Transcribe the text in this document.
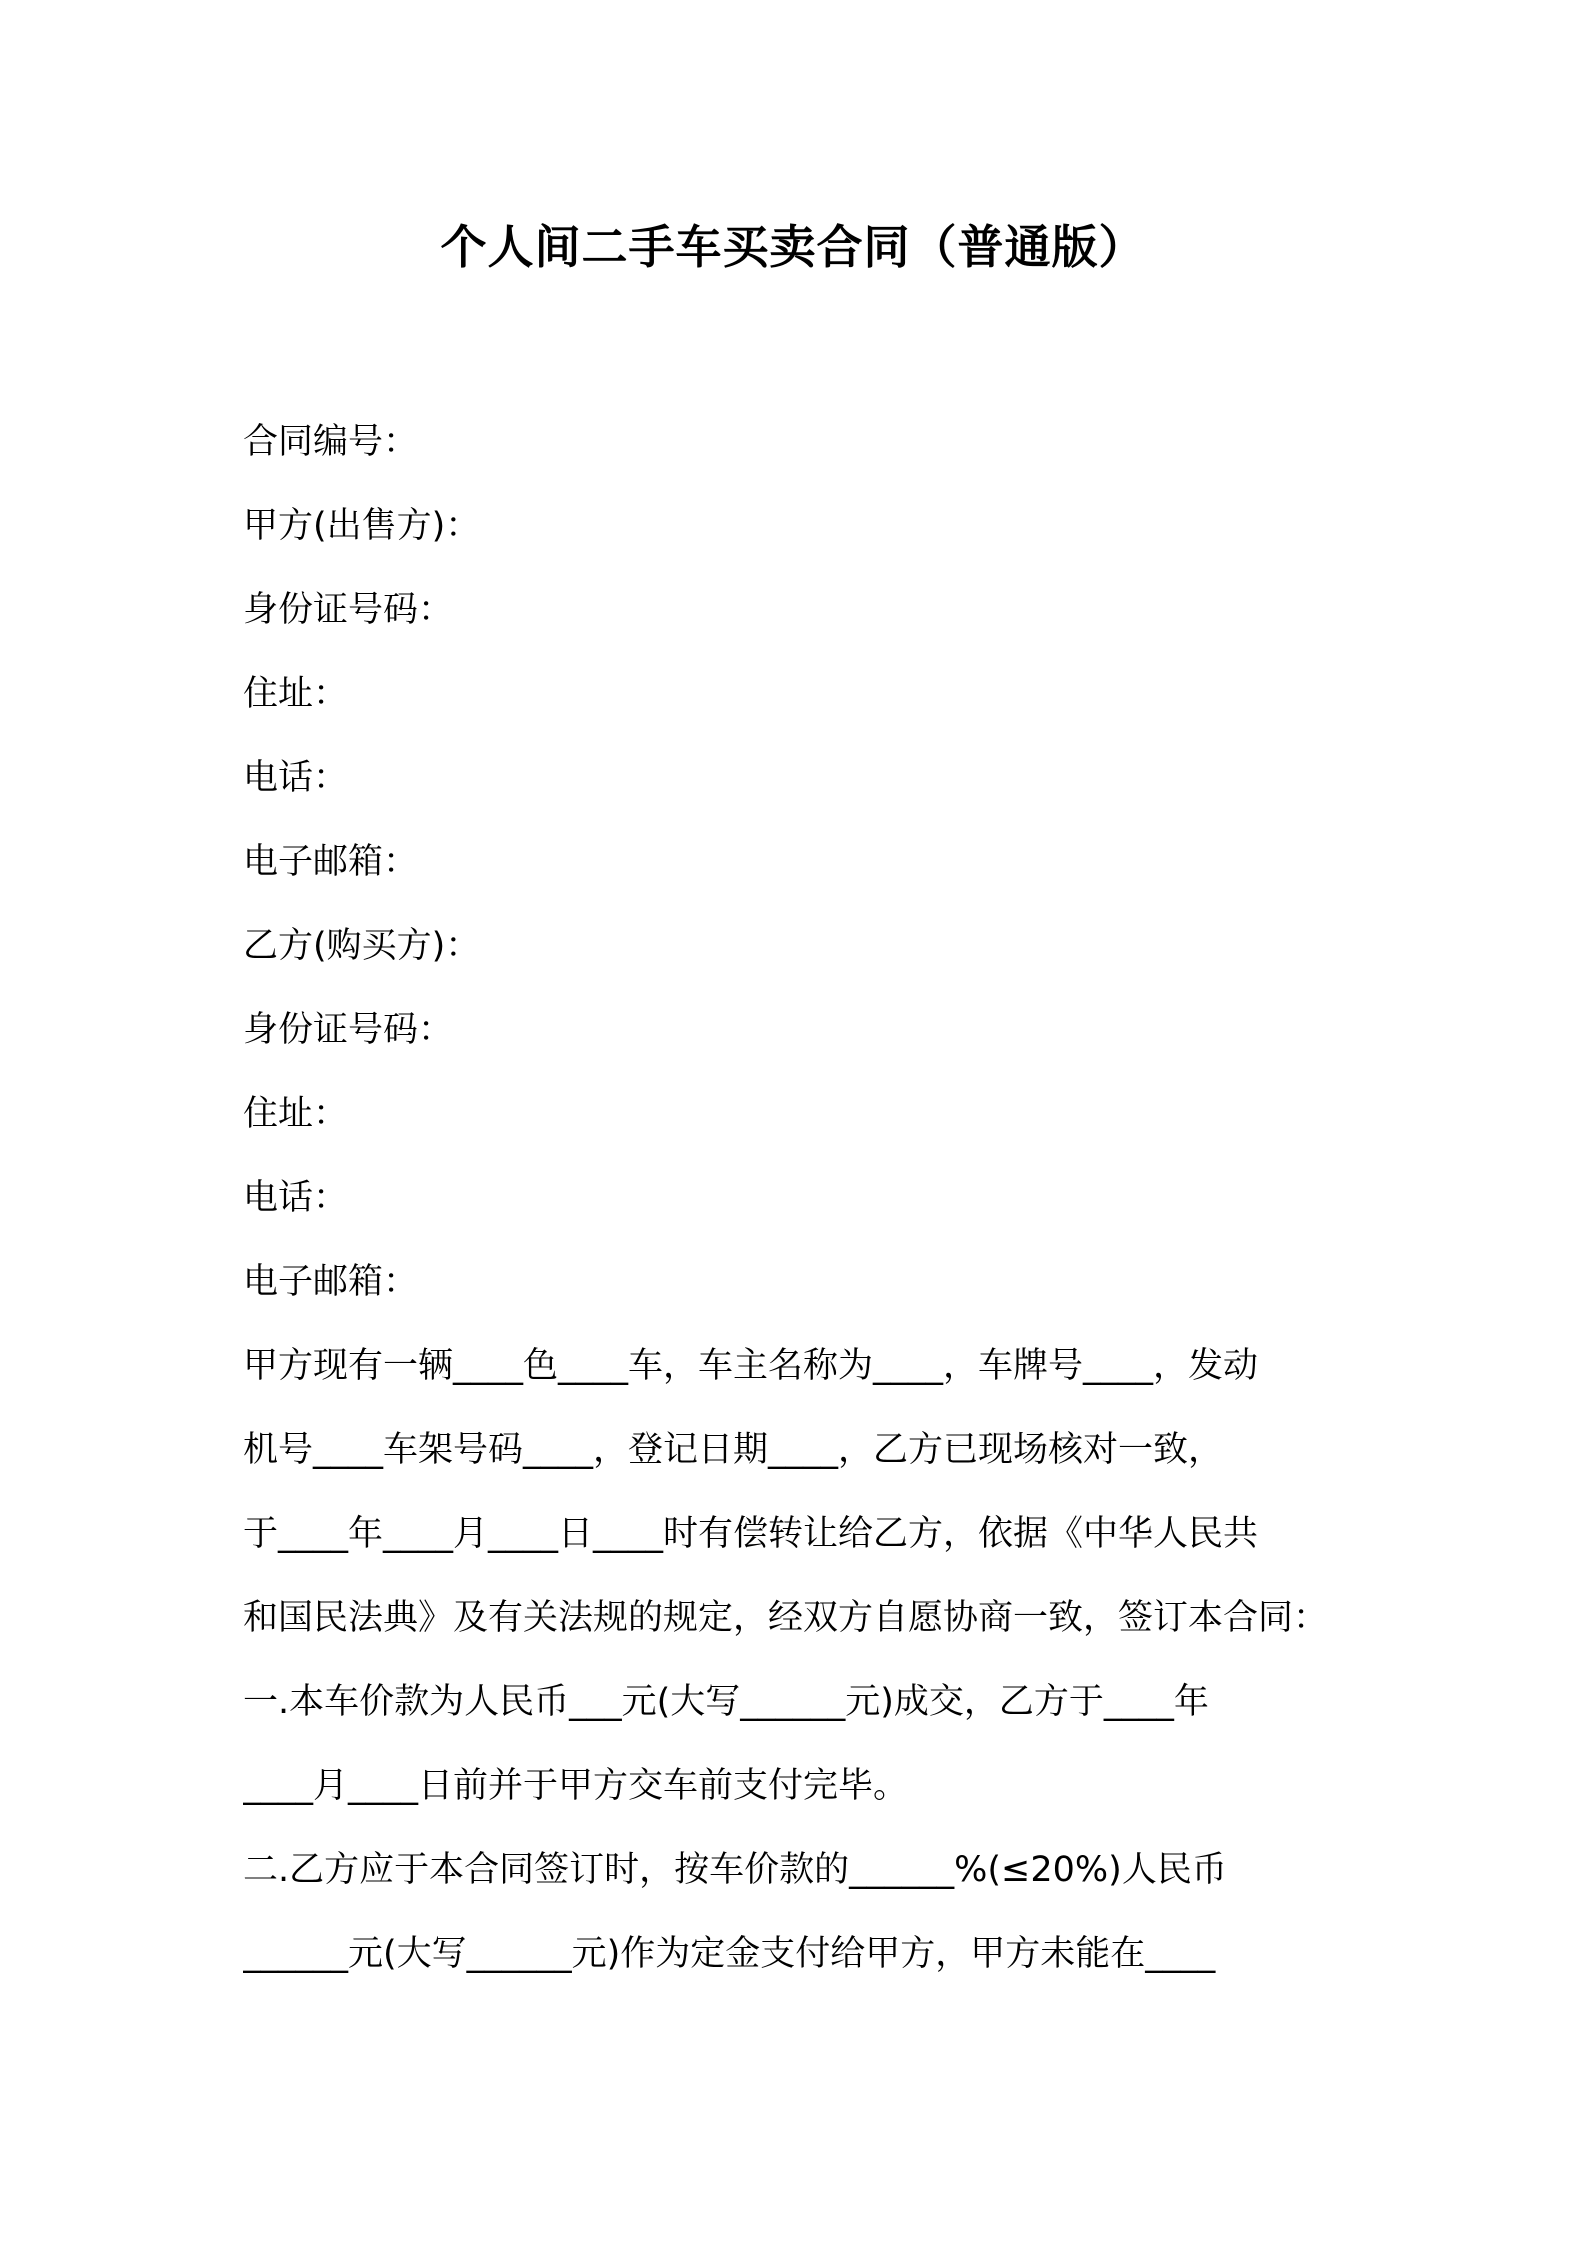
个人间二手车买卖合同（普通版）
合同编号：
甲方(出售方)：
身份证号码：
住址：
电话：
电子邮箱：
乙方(购买方)：
身份证号码：
住址：
电话：
电子邮箱：
甲方现有一辆____色____车，车主名称为____，车牌号____，发动
机号____车架号码____，登记日期____，乙方已现场核对一致，
于____年____月____日____时有偿转让给乙方，依据《中华人民共
和国民法典》及有关法规的规定，经双方自愿协商一致，签订本合同：
一.本车价款为人民币___元(大写______元)成交，乙方于____年
____月____日前并于甲方交车前支付完毕。
二.乙方应于本合同签订时，按车价款的______%(≤20%)人民币
______元(大写______元)作为定金支付给甲方，甲方未能在____
